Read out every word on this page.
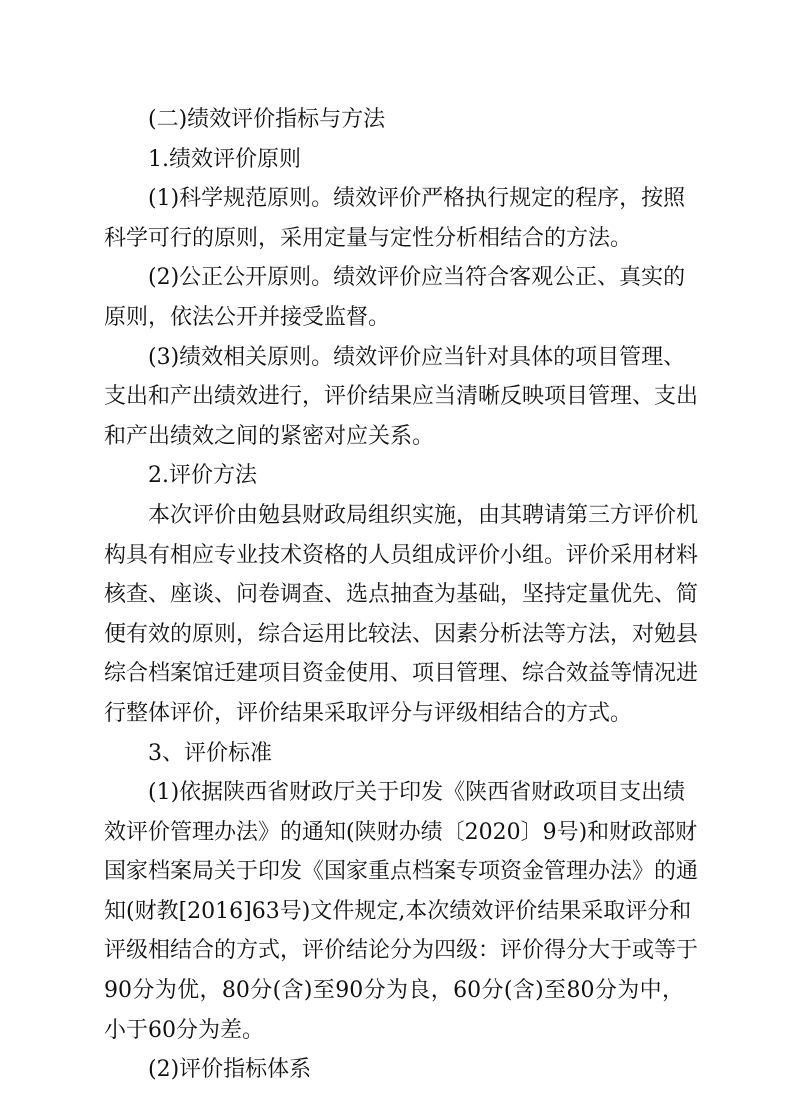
(二)绩效评价指标与方法
1.绩效评价原则
(1)科学规范原则。绩效评价严格执行规定的程序，按照
科学可行的原则，采用定量与定性分析相结合的方法。
(2)公正公开原则。绩效评价应当符合客观公正、真实的
原则，依法公开并接受监督。
(3)绩效相关原则。绩效评价应当针对具体的项目管理、
支出和产出绩效进行，评价结果应当清晰反映项目管理、支出
和产出绩效之间的紧密对应关系。
2.评价方法
本次评价由勉县财政局组织实施，由其聘请第三方评价机
构具有相应专业技术资格的人员组成评价小组。评价采用材料
核查、座谈、问卷调查、选点抽查为基础，坚持定量优先、简
便有效的原则，综合运用比较法、因素分析法等方法，对勉县
综合档案馆迁建项目资金使用、项目管理、综合效益等情况进
行整体评价，评价结果采取评分与评级相结合的方式。
3、评价标准
(1)依据陕西省财政厅关于印发《陕西省财政项目支出绩
效评价管理办法》的通知(陕财办绩〔2020〕9号)和财政部财
国家档案局关于印发《国家重点档案专项资金管理办法》的通
知(财教[2016]63号)文件规定,本次绩效评价结果采取评分和
评级相结合的方式，评价结论分为四级：评价得分大于或等于
90分为优，80分(含)至90分为良，60分(含)至80分为中，
小于60分为差。
(2)评价指标体系
